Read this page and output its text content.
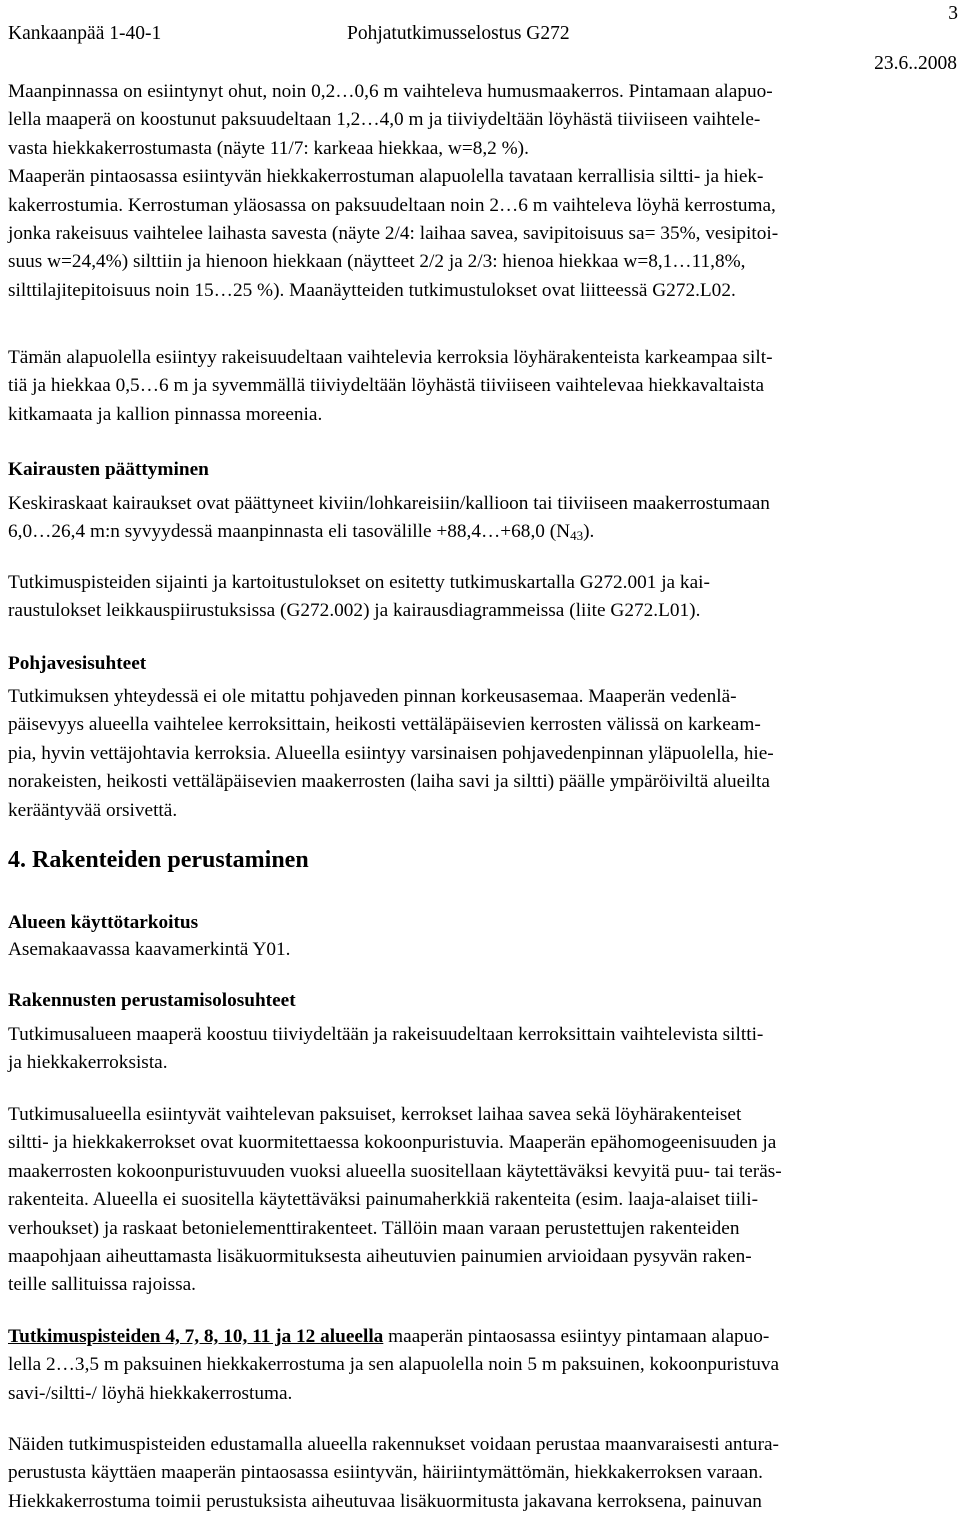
Kankaanpää 1-40-1	Pohjatutkimusselostus G272
3
23.6..2008
Maanpinnassa on esiintynyt ohut, noin 0,2…0,6 m vaihteleva humusmaakerros. Pintamaan alapuo-
lella maaperä on koostunut paksuudeltaan 1,2…4,0 m ja tiiviydeltään löyhästä tiiviiseen vaihtele-
vasta hiekkakerrostumasta (näyte 11/7: karkeaa hiekkaa, w=8,2 %).
Maaperän pintaosassa esiintyvän hiekkakerrostuman alapuolella tavataan kerrallisia siltti- ja hiek-
kakerrostumia. Kerrostuman yläosassa on paksuudeltaan noin 2…6 m vaihteleva löyhä kerrostuma,
jonka rakeisuus vaihtelee laihasta savesta (näyte 2/4: laihaa savea, savipitoisuus sa= 35%, vesipitoi-
suus w=24,4%) silttiin ja hienoon hiekkaan (näytteet 2/2 ja 2/3: hienoa hiekkaa w=8,1…11,8%,
silttilajitepitoisuus noin 15…25 %). Maanäytteiden tutkimustulokset ovat liitteessä G272.L02.
Tämän alapuolella esiintyy rakeisuudeltaan vaihtelevia kerroksia löyhärakenteista karkeampaa silt-
tiä ja hiekkaa 0,5…6 m ja syvemmällä tiiviydeltään löyhästä tiiviiseen vaihtelevaa hiekkavaltaista
kitkamaata ja kallion pinnassa moreenia.
Kairausten päättyminen
Keskiraskaat kairaukset ovat päättyneet kiviin/lohkareisiin/kallioon tai tiiviiseen maakerrostumaan
6,0…26,4 m:n syvyydessä maanpinnasta eli tasovälille +88,4…+68,0 $(N_{43})$.
Tutkimuspisteiden sijainti ja kartoitustulokset on esitetty tutkimuskartalla G272.001 ja kai-
raustulokset leikkauspiirustuksissa (G272.002) ja kairausdiagrammeissa (liite G272.L01).
Pohjavesisuhteet
Tutkimuksen yhteydessä ei ole mitattu pohjaveden pinnan korkeusasemaa. Maaperän vedenlä-
päisevyys alueella vaihtelee kerroksittain, heikosti vettäläpäisevien kerrosten välissä on karkeam-
pia, hyvin vettäjohtavia kerroksia. Alueella esiintyy varsinaisen pohjavedenpinnan yläpuolella, hie-
norakeisten, heikosti vettäläpäisevien maakerrosten (laiha savi ja siltti) päälle ympäröiviltä alueilta
kerääntyvää orsivettä.
4. Rakenteiden perustaminen
Alueen käyttötarkoitus
Asemakaavassa kaavamerkintä Y01.
Rakennusten perustamisolosuhteet
Tutkimusalueen maaperä koostuu tiiviydeltään ja rakeisuudeltaan kerroksittain vaihtelevista siltti-
ja hiekkakerroksista.
Tutkimusalueella esiintyvät vaihtelevan paksuiset, kerrokset laihaa savea sekä löyhärakenteiset
siltti- ja hiekkakerrokset ovat kuormitettaessa kokoonpuristuvia. Maaperän epähomogeenisuuden ja
maakerrosten kokoonpuristuvuuden vuoksi alueella suositellaan käytettäväksi kevyitä puu- tai teräs-
rakenteita. Alueella ei suositella käytettäväksi painumaherkkiä rakenteita (esim. laaja-alaiset tiili-
verhoukset) ja raskaat betonielementtirakenteet. Tällöin maan varaan perustettujen rakenteiden
maapohjaan aiheuttamasta lisäkuormituksesta aiheutuvien painumien arvioidaan pysyvän raken-
teille sallituissa rajoissa.
Tutkimuspisteiden 4, 7, 8, 10, 11 ja 12 alueella maaperän pintaosassa esiintyy pintamaan alapuo-
lella 2…3,5 m paksuinen hiekkakerrostuma ja sen alapuolella noin 5 m paksuinen, kokoonpuristuva
savi-/siltti-/ löyhä hiekkakerrostuma.
Näiden tutkimuspisteiden edustamalla alueella rakennukset voidaan perustaa maanvaraisesti antura-
perustusta käyttäen maaperän pintaosassa esiintyvän, häiriintymättömän, hiekkakerroksen varaan.
Hiekkakerrostuma toimii perustuksista aiheutuvaa lisäkuormitusta jakavana kerroksena, painuvan
